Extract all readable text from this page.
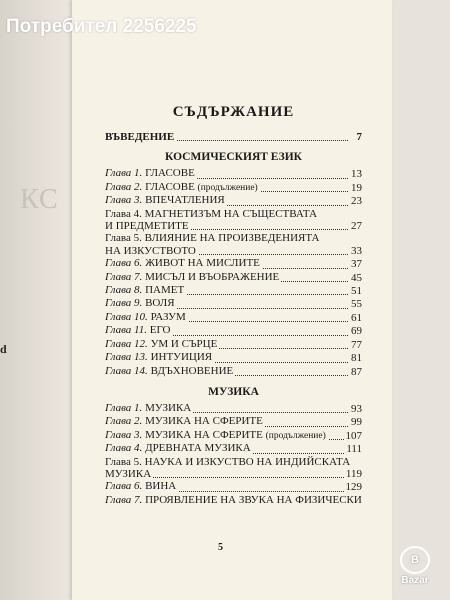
КС
d
СЪДЪРЖАНИЕ
ВЪВЕДЕНИЕ	7
КОСМИЧЕСКИЯТ ЕЗИК
Глава 1. ГЛАСОВЕ	13
Глава 2. ГЛАСОВЕ (продължение)	19
Глава 3. ВПЕЧАТЛЕНИЯ	23
Глава 4. МАГНЕТИЗЪМ НА СЪЩЕСТВАТА
И ПРЕДМЕТИТЕ	27
Глава 5. ВЛИЯНИЕ НА ПРОИЗВЕДЕНИЯТА
НА ИЗКУСТВОТО	33
Глава 6. ЖИВОТ НА МИСЛИТЕ	37
Глава 7. МИСЪЛ И ВЪОБРАЖЕНИЕ	45
Глава 8. ПАМЕТ	51
Глава 9. ВОЛЯ	55
Глава 10. РАЗУМ	61
Глава 11. ЕГО	69
Глава 12. УМ И СЪРЦЕ	77
Глава 13. ИНТУИЦИЯ	81
Глава 14. ВДЪХНОВЕНИЕ	87
МУЗИКА
Глава 1. МУЗИКА	93
Глава 2. МУЗИКА НА СФЕРИТЕ	99
Глава 3. МУЗИКА НА СФЕРИТЕ (продължение) 107
Глава 4. ДРЕВНАТА МУЗИКА	111
Глава 5. НАУКА И ИЗКУСТВО НА ИНДИЙСКАТА
МУЗИКА	119
Глава 6. ВИНА	129
Глава 7. ПРОЯВЛЕНИЕ НА ЗВУКА НА ФИЗИЧЕСКИ
5
Потребител 2256225
B
Bazar
